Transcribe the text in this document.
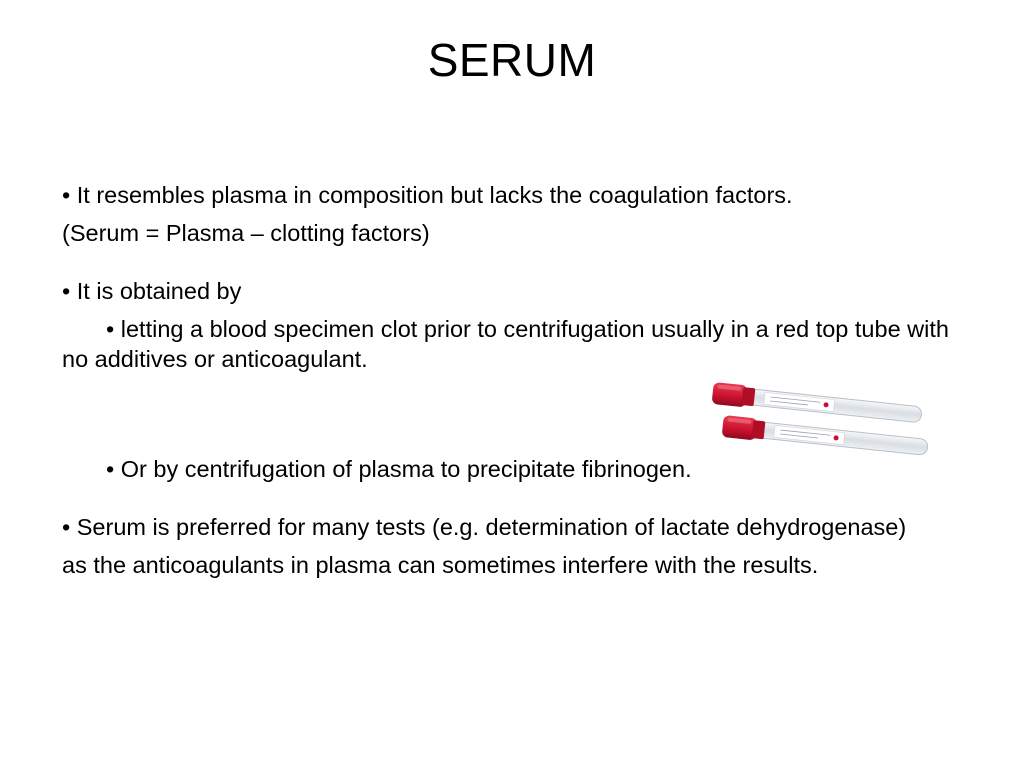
SERUM

• It resembles plasma in composition but lacks the coagulation factors.

(Serum = Plasma – clotting factors)

• It is obtained by

• letting a blood specimen clot prior to centrifugation usually in a red top tube with no additives or anticoagulant.

• Or by centrifugation of plasma to precipitate fibrinogen.

• Serum is preferred for many tests (e.g. determination of lactate dehydrogenase)

as the anticoagulants in plasma can sometimes interfere with the results.
